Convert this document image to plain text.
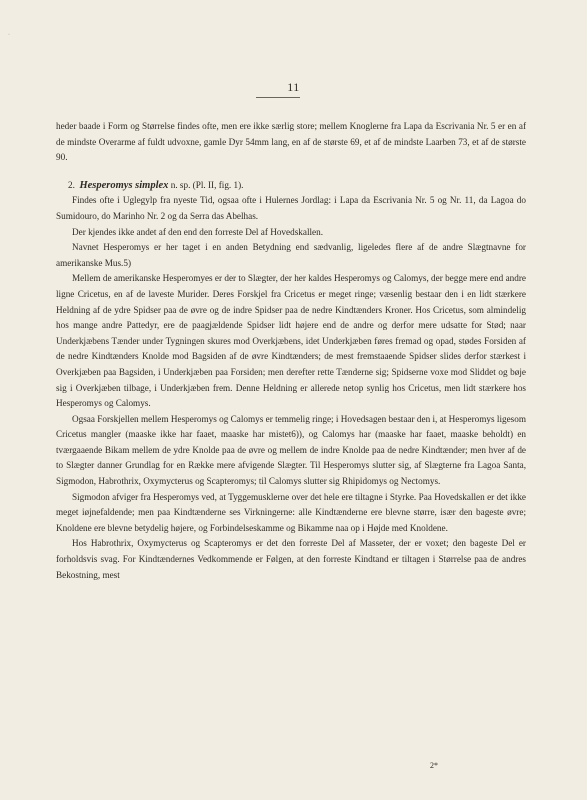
·
11

heder baade i Form og Størrelse findes ofte, men ere ikke særlig store; mellem Knoglerne fra Lapa da Escrivania Nr. 5 er en af de mindste Overarme af fuldt udvoxne, gamle Dyr 54mm lang, en af de største 69, et af de mindste Laarben 73, et af de største 90.

2. Hesperomys simplex n. sp. (Pl. II, fig. 1).

Findes ofte i Uglegylp fra nyeste Tid, ogsaa ofte i Hulernes Jordlag: i Lapa da Escrivania Nr. 5 og Nr. 11, da Lagoa do Sumidouro, do Marinho Nr. 2 og da Serra das Abelhas.

Der kjendes ikke andet af den end den forreste Del af Hovedskallen.

Navnet Hesperomys er her taget i en anden Betydning end sædvanlig, ligeledes flere af de andre Slægtnavne for amerikanske Mus.5)

Mellem de amerikanske Hesperomyes er der to Slægter, der her kaldes Hesperomys og Calomys, der begge mere end andre ligne Cricetus, en af de laveste Murider. Deres Forskjel fra Cricetus er meget ringe; væsenlig bestaar den i en lidt stærkere Heldning af de ydre Spidser paa de øvre og de indre Spidser paa de nedre Kindtænders Kroner. Hos Cricetus, som almindelig hos mange andre Pattedyr, ere de paagjældende Spidser lidt højere end de andre og derfor mere udsatte for Stød; naar Underkjæbens Tænder under Tygningen skures mod Overkjæbens, idet Underkjæben føres fremad og opad, stødes Forsiden af de nedre Kindtænders Knolde mod Bagsiden af de øvre Kindtænders; de mest fremstaaende Spidser slides derfor stærkest i Overkjæben paa Bagsiden, i Underkjæben paa Forsiden; men derefter rette Tænderne sig; Spidserne voxe mod Sliddet og bøje sig i Overkjæben tilbage, i Underkjæben frem. Denne Heldning er allerede netop synlig hos Cricetus, men lidt stærkere hos Hesperomys og Calomys.

Ogsaa Forskjellen mellem Hesperomys og Calomys er temmelig ringe; i Hovedsagen bestaar den i, at Hesperomys ligesom Cricetus mangler (maaske ikke har faaet, maaske har mistet6)), og Calomys har (maaske har faaet, maaske beholdt) en tværgaaende Bikam mellem de ydre Knolde paa de øvre og mellem de indre Knolde paa de nedre Kindtænder; men hver af de to Slægter danner Grundlag for en Række mere afvigende Slægter. Til Hesperomys slutter sig, af Slægterne fra Lagoa Santa, Sigmodon, Habrothrix, Oxymycterus og Scapteromys; til Calomys slutter sig Rhipidomys og Nectomys.

Sigmodon afviger fra Hesperomys ved, at Tyggemusklerne over det hele ere tiltagne i Styrke. Paa Hovedskallen er det ikke meget iøjnefaldende; men paa Kindtænderne ses Virkningerne: alle Kindtænderne ere blevne større, især den bageste øvre; Knoldene ere blevne betydelig højere, og Forbindelseskamme og Bikamme naa op i Højde med Knoldene.

Hos Habrothrix, Oxymycterus og Scapteromys er det den forreste Del af Masseter, der er voxet; den bageste Del er forholdsvis svag. For Kindtændernes Vedkommende er Følgen, at den forreste Kindtand er tiltagen i Størrelse paa de andres Bekostning, mest

2*
